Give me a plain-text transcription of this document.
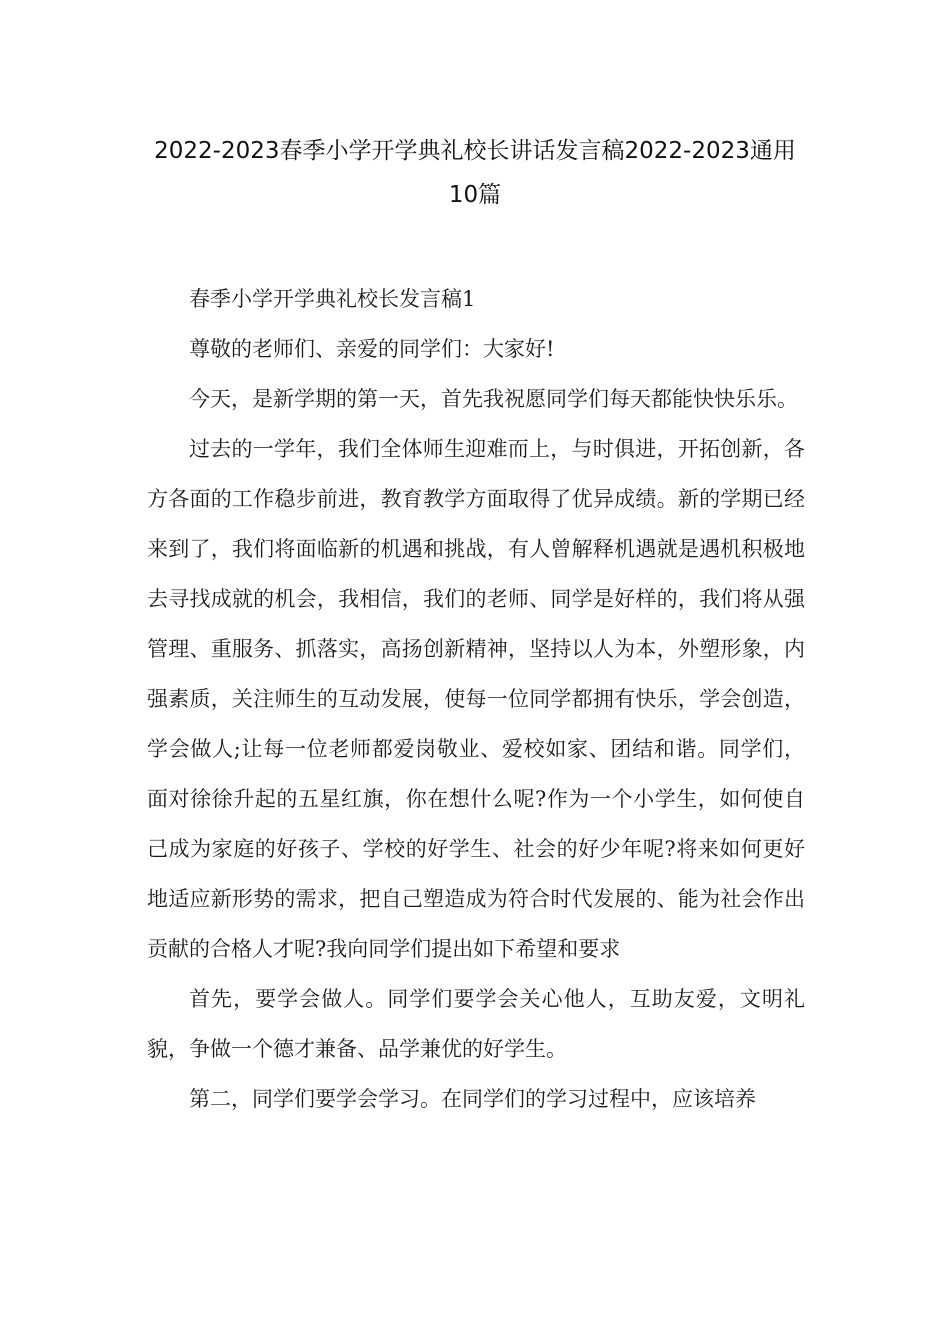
2022-2023春季小学开学典礼校长讲话发言稿2022-2023通用
10篇

春季小学开学典礼校长发言稿1

尊敬的老师们、亲爱的同学们：大家好!

今天，是新学期的第一天，首先我祝愿同学们每天都能快快乐乐。

过去的一学年，我们全体师生迎难而上，与时俱进，开拓创新，各方各面的工作稳步前进，教育教学方面取得了优异成绩。新的学期已经来到了，我们将面临新的机遇和挑战，有人曾解释机遇就是遇机积极地去寻找成就的机会，我相信，我们的老师、同学是好样的，我们将从强管理、重服务、抓落实，高扬创新精神，坚持以人为本，外塑形象，内强素质，关注师生的互动发展，使每一位同学都拥有快乐，学会创造，学会做人;让每一位老师都爱岗敬业、爱校如家、团结和谐。同学们，面对徐徐升起的五星红旗，你在想什么呢?作为一个小学生，如何使自己成为家庭的好孩子、学校的好学生、社会的好少年呢?将来如何更好地适应新形势的需求，把自己塑造成为符合时代发展的、能为社会作出贡献的合格人才呢?我向同学们提出如下希望和要求

首先，要学会做人。同学们要学会关心他人，互助友爱，文明礼貌，争做一个德才兼备、品学兼优的好学生。

第二，同学们要学会学习。在同学们的学习过程中，应该培养
